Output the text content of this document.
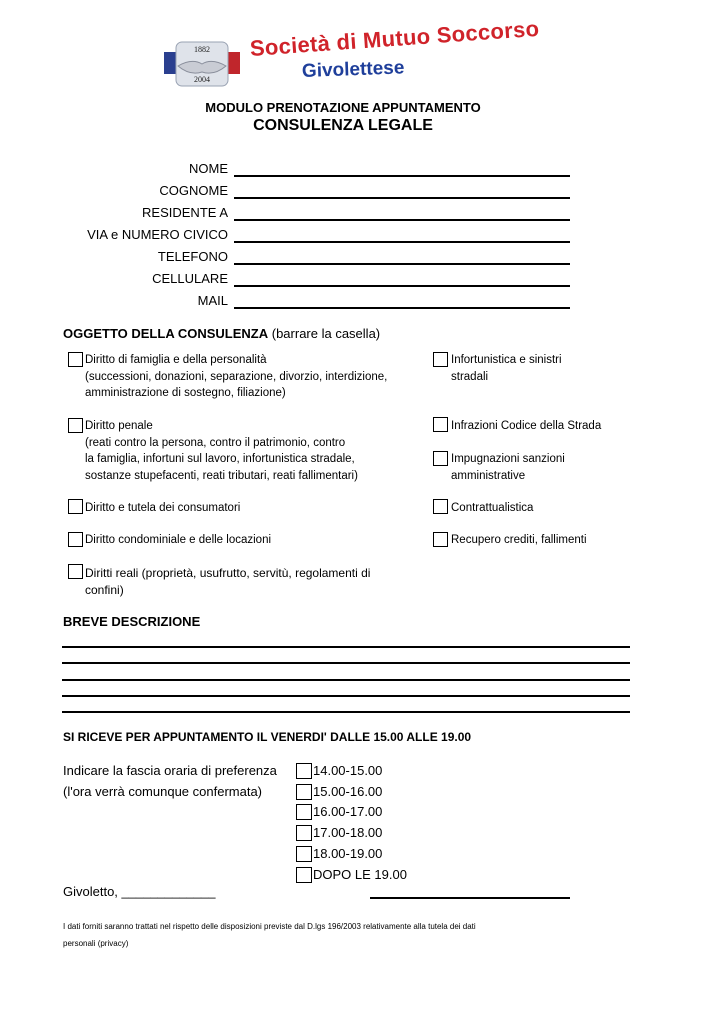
1882
2004
Società di Mutuo Soccorso
Givolettese
MODULO PRENOTAZIONE APPUNTAMENTO
CONSULENZA LEGALE
NOME
COGNOME
RESIDENTE A
VIA e NUMERO CIVICO
TELEFONO
CELLULARE
MAIL
OGGETTO DELLA CONSULENZA (barrare la casella)
Diritto di famiglia e della personalità
(successioni, donazioni, separazione, divorzio, interdizione,
amministrazione di sostegno, filiazione)
Diritto penale
(reati contro la persona, contro il patrimonio, contro
la famiglia, infortuni sul lavoro, infortunistica stradale,
sostanze stupefacenti, reati tributari, reati fallimentari)
Diritto e tutela dei consumatori
Diritto condominiale e delle locazioni
Diritti reali (proprietà, usufrutto, servitù, regolamenti di
confini)
Infortunistica e sinistri
stradali
Infrazioni Codice della Strada
Impugnazioni sanzioni
amministrative
Contrattualistica
Recupero crediti, fallimenti
BREVE DESCRIZIONE
SI RICEVE PER APPUNTAMENTO IL VENERDI' DALLE 15.00 ALLE 19.00
Indicare la fascia oraria di preferenza
(l'ora verrà comunque confermata)
14.00-15.00
15.00-16.00
16.00-17.00
17.00-18.00
18.00-19.00
DOPO LE 19.00
Givoletto, _____________
I dati forniti saranno trattati nel rispetto delle disposizioni previste dal D.lgs 196/2003 relativamente alla tutela dei dati
personali (privacy)
